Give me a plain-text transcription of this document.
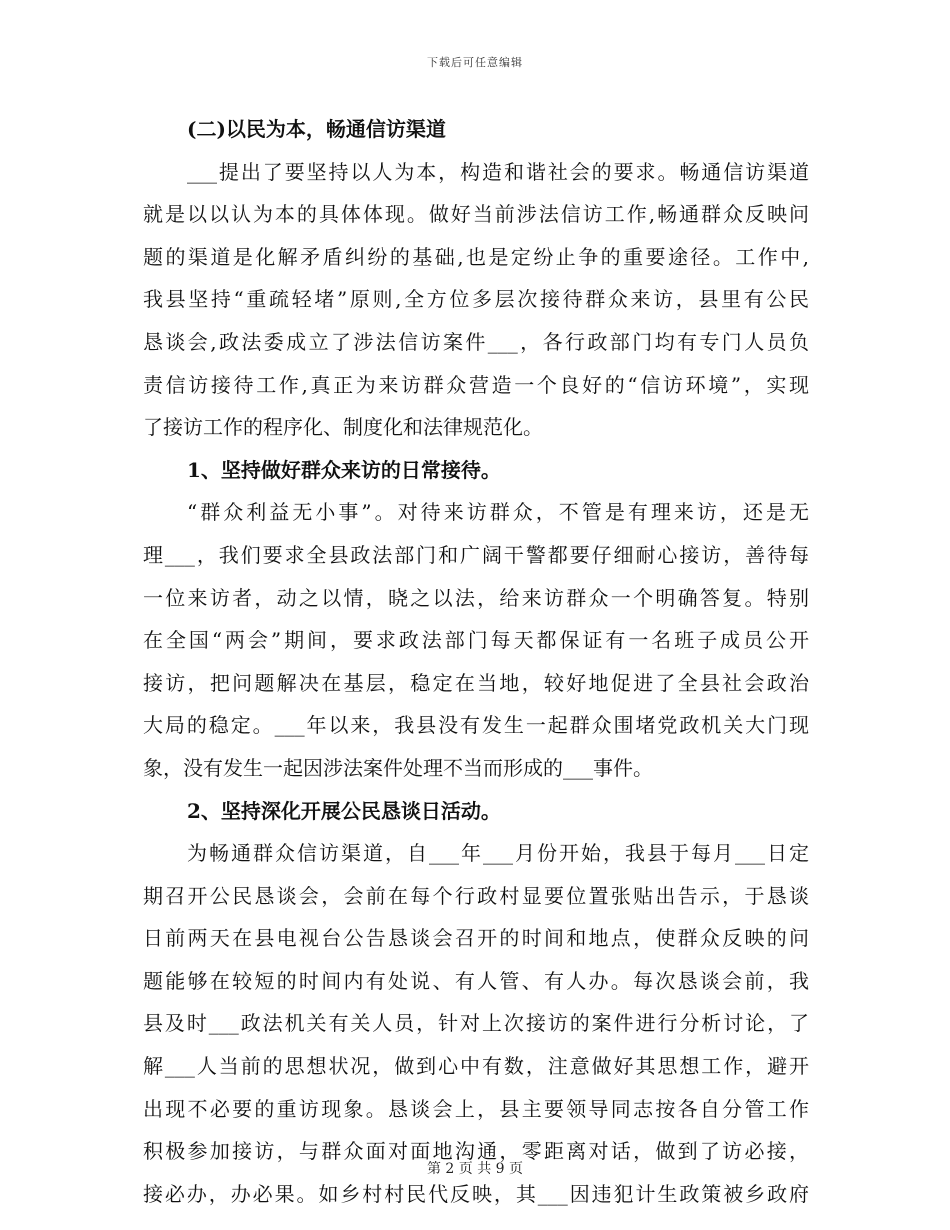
下载后可任意编辑
(二)以民为本，畅通信访渠道
___提出了要坚持以人为本，构造和谐社会的要求。畅通信访渠道
就是以以认为本的具体体现。做好当前涉法信访工作,畅通群众反映问
题的渠道是化解矛盾纠纷的基础,也是定纷止争的重要途径。工作中,
我县坚持“重疏轻堵”原则,全方位多层次接待群众来访，县里有公民
恳谈会,政法委成立了涉法信访案件___，各行政部门均有专门人员负
责信访接待工作,真正为来访群众营造一个良好的“信访环境”，实现
了接访工作的程序化、制度化和法律规范化。
1、坚持做好群众来访的日常接待。
“群众利益无小事”。对待来访群众，不管是有理来访，还是无
理___，我们要求全县政法部门和广阔干警都要仔细耐心接访，善待每
一位来访者，动之以情，晓之以法，给来访群众一个明确答复。特别
在全国“两会”期间，要求政法部门每天都保证有一名班子成员公开
接访，把问题解决在基层，稳定在当地，较好地促进了全县社会政治
大局的稳定。___年以来，我县没有发生一起群众围堵党政机关大门现
象，没有发生一起因涉法案件处理不当而形成的___事件。
2、坚持深化开展公民恳谈日活动。
为畅通群众信访渠道，自___年___月份开始，我县于每月___日定
期召开公民恳谈会，会前在每个行政村显要位置张贴出告示，于恳谈
日前两天在县电视台公告恳谈会召开的时间和地点，使群众反映的问
题能够在较短的时间内有处说、有人管、有人办。每次恳谈会前，我
县及时___政法机关有关人员，针对上次接访的案件进行分析讨论，了
解___人当前的思想状况，做到心中有数，注意做好其思想工作，避开
出现不必要的重访现象。恳谈会上，县主要领导同志按各自分管工作
积极参加接访，与群众面对面地沟通，零距离对话，做到了访必接，
接必办，办必果。如乡村村民代反映，其___因违犯计生政策被乡政府
第 2 页 共 9 页
